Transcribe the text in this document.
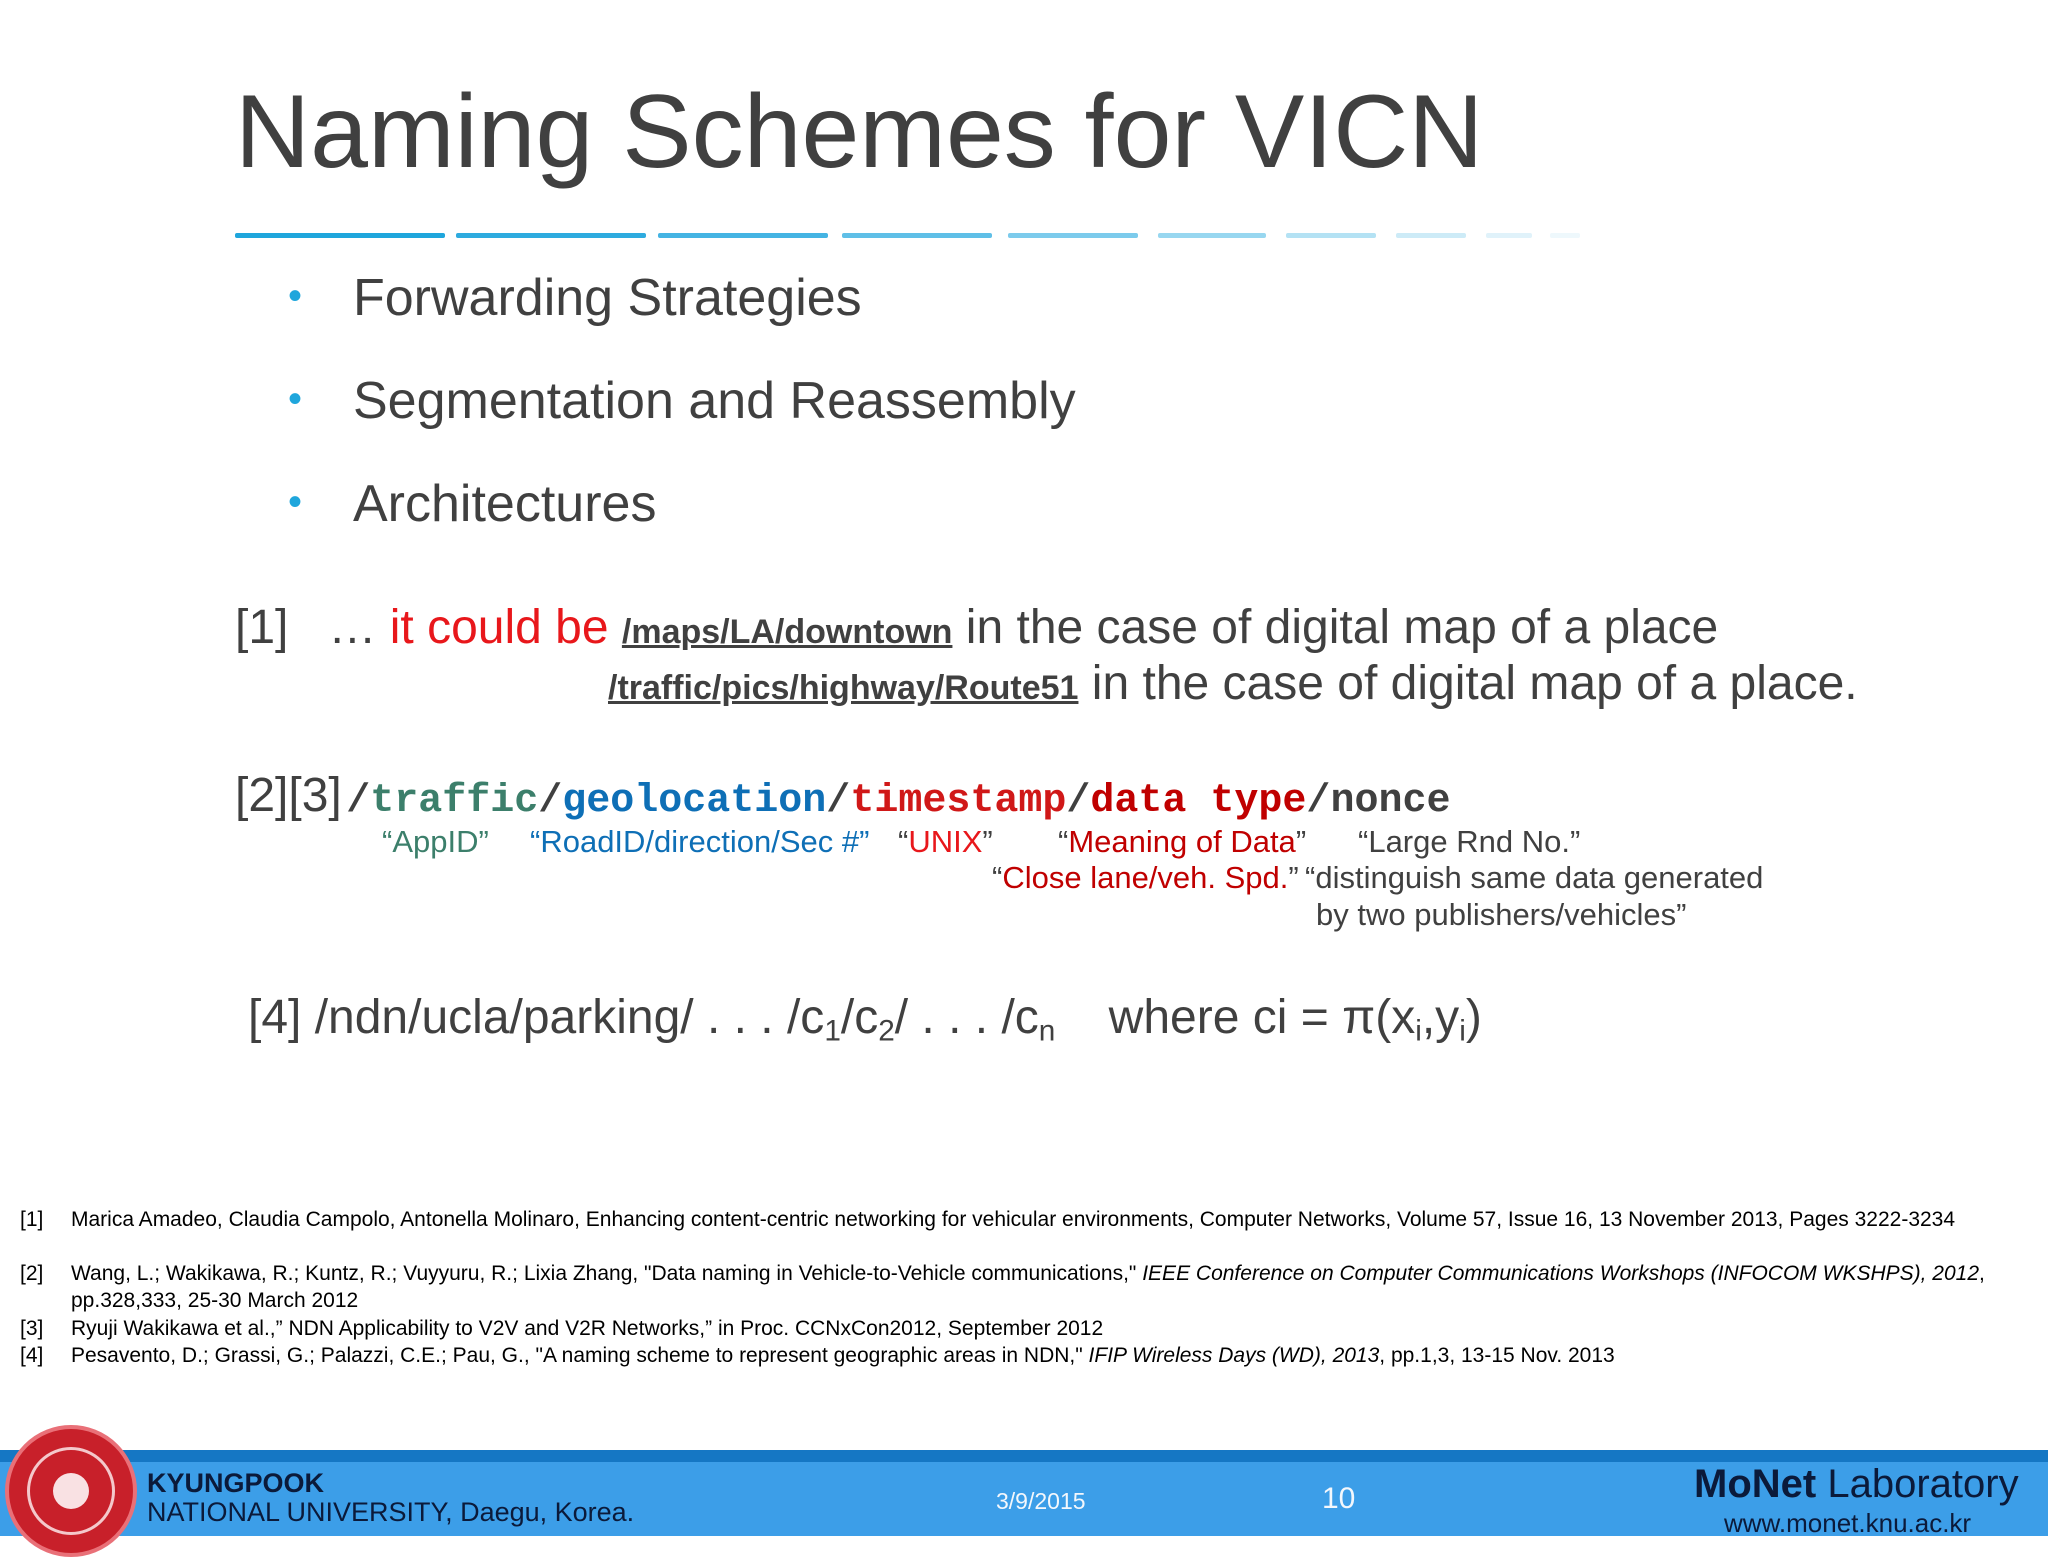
Naming Schemes for VICN
• Forwarding Strategies
• Segmentation and Reassembly
• Architectures
[1] … it could be /maps/LA/downtown in the case of digital map of a place
/traffic/pics/highway/Route51 in the case of digital map of a place.
[2][3] /traffic/geolocation/timestamp/data type/nonce
“AppID” “RoadID/direction/Sec #” “UNIX” “Meaning of Data” “Large Rnd No.”
“Close lane/veh. Spd.” “distinguish same data generated
by two publishers/vehicles”
[4] /ndn/ucla/parking/ . . . $/c_1/c_2/$ . . . $/c_n$ where ci = $\pi(x_i,y_i)$
[1] Marica Amadeo, Claudia Campolo, Antonella Molinaro, Enhancing content-centric networking for vehicular environments, Computer Networks, Volume 57, Issue 16, 13 November 2013, Pages 3222-3234
[2] Wang, L.; Wakikawa, R.; Kuntz, R.; Vuyyuru, R.; Lixia Zhang, "Data naming in Vehicle-to-Vehicle communications," IEEE Conference on Computer Communications Workshops (INFOCOM WKSHPS), 2012, pp.328,333, 25-30 March 2012
[3] Ryuji Wakikawa et al.,” NDN Applicability to V2V and V2R Networks,” in Proc. CCNxCon2012, September 2012
[4] Pesavento, D.; Grassi, G.; Palazzi, C.E.; Pau, G., "A naming scheme to represent geographic areas in NDN," IFIP Wireless Days (WD), 2013, pp.1,3, 13-15 Nov. 2013
KYUNGPOOK
NATIONAL UNIVERSITY, Daegu, Korea.	3/9/2015	10	MoNet Laboratory
www.monet.knu.ac.kr
